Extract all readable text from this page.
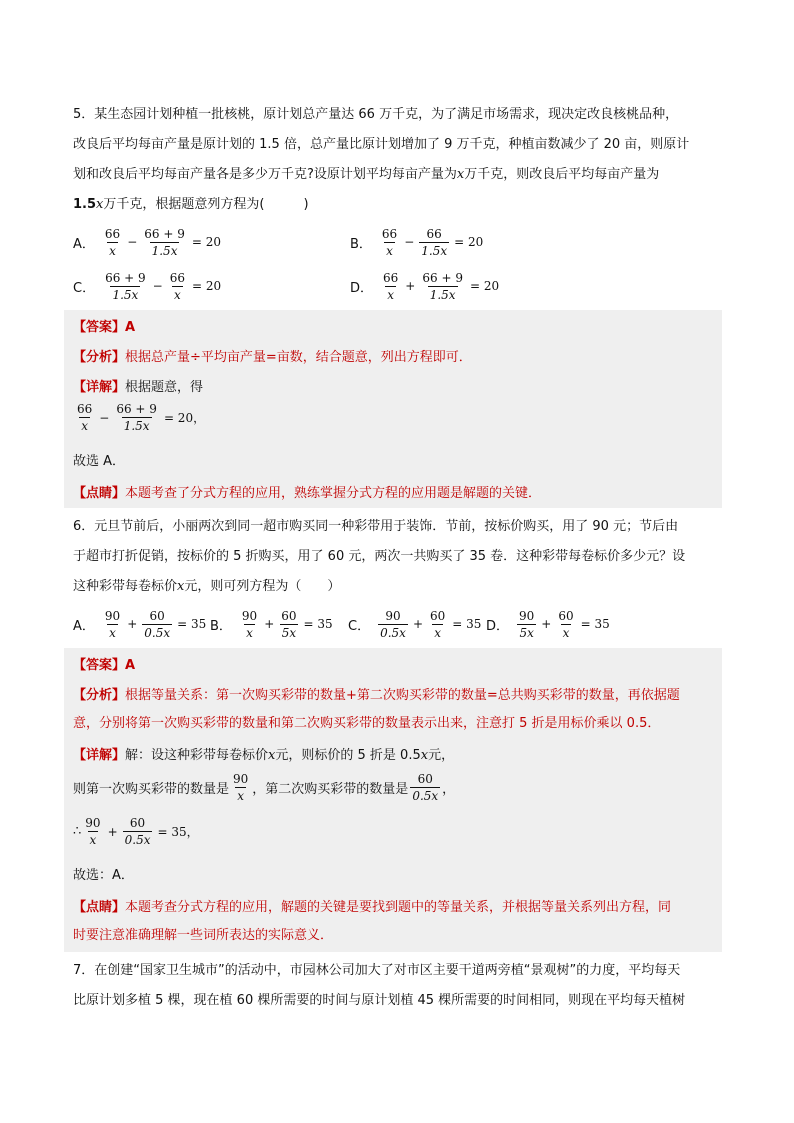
5．某生态园计划种植一批核桃，原计划总产量达 66 万千克，为了满足市场需求，现决定改良核桃品种，

改良后平均每亩产量是原计划的 1.5 倍，总产量比原计划增加了 9 万千克，种植亩数减少了 20 亩，则原计

划和改良后平均每亩产量各是多少万千克?设原计划平均每亩产量为x万千克，则改良后平均每亩产量为

1.5x万千克，根据题意列方程为(　　　)

A． $\frac{66}{x} - \frac{66 + 9}{1.5x} = 20$	B． $\frac{66}{x} - \frac{66}{1.5x} = 20$
C． $\frac{66 + 9}{1.5x} - \frac{66}{x} = 20$	D． $\frac{66}{x} + \frac{66 + 9}{1.5x} = 20$
【答案】A
【分析】根据总产量÷平均亩产量=亩数，结合题意，列出方程即可．
【详解】根据题意，得
$\frac{66}{x} - \frac{66 + 9}{1.5x} = 20$，
故选 A．
【点睛】本题考查了分式方程的应用，熟练掌握分式方程的应用题是解题的关键．

6．元旦节前后，小丽两次到同一超市购买同一种彩带用于装饰．节前，按标价购买，用了 90 元；节后由

于超市打折促销，按标价的 5 折购买，用了 60 元，两次一共购买了 35 卷．这种彩带每卷标价多少元？设

这种彩带每卷标价x元，则可列方程为（　　）

A． $\frac{90}{x} + \frac{60}{0.5x} = 35$ B． $\frac{90}{x} + \frac{60}{5x} = 35$ C． $\frac{90}{0.5x} + \frac{60}{x} = 35$ D． $\frac{90}{5x} + \frac{60}{x} = 35$
【答案】A
【分析】根据等量关系：第一次购买彩带的数量+第二次购买彩带的数量=总共购买彩带的数量，再依据题
意，分别将第一次购买彩带的数量和第二次购买彩带的数量表示出来，注意打 5 折是用标价乘以 0.5．
【详解】解：设这种彩带每卷标价x元，则标价的 5 折是 0.5x元，
则第一次购买彩带的数量是 $\frac{90}{x}$ ，第二次购买彩带的数量是 $\frac{60}{0.5x}$ ，
∴ $\frac{90}{x} + \frac{60}{0.5x} = 35$，
故选：A．
【点睛】本题考查分式方程的应用，解题的关键是要找到题中的等量关系，并根据等量关系列出方程，同
时要注意准确理解一些词所表达的实际意义．

7．在创建“国家卫生城市”的活动中，市园林公司加大了对市区主要干道两旁植“景观树”的力度，平均每天

比原计划多植 5 棵，现在植 60 棵所需要的时间与原计划植 45 棵所需要的时间相同，则现在平均每天植树
